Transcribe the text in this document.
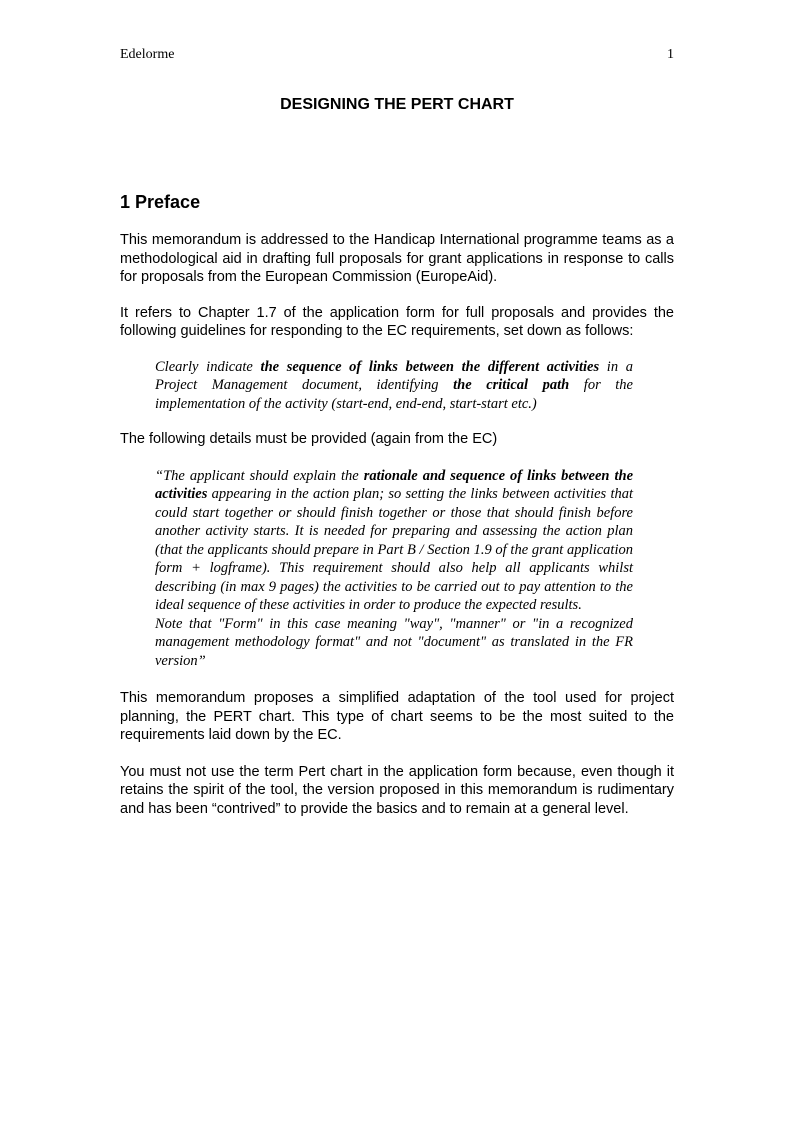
Edelorme	1
DESIGNING THE PERT CHART
1 Preface

This memorandum is addressed to the Handicap International programme teams as a methodological aid in drafting full proposals for grant applications in response to calls for proposals from the European Commission (EuropeAid).

It refers to Chapter 1.7 of the application form for full proposals and provides the following guidelines for responding to the EC requirements, set down as follows:

Clearly indicate the sequence of links between the different activities in a Project Management document, identifying the critical path for the implementation of the activity (start-end, end-end, start-start etc.)

The following details must be provided (again from the EC)

“The applicant should explain the rationale and sequence of links between the activities appearing in the action plan; so setting the links between activities that could start together or should finish together or those that should finish before another activity starts. It is needed for preparing and assessing the action plan (that the applicants should prepare in Part B / Section 1.9 of the grant application form + logframe). This requirement should also help all applicants whilst describing (in max 9 pages) the activities to be carried out to pay attention to the ideal sequence of these activities in order to produce the expected results.
Note that "Form" in this case meaning "way", "manner" or "in a recognized management methodology format" and not "document" as translated in the FR version”

This memorandum proposes a simplified adaptation of the tool used for project planning, the PERT chart. This type of chart seems to be the most suited to the requirements laid down by the EC.

You must not use the term Pert chart in the application form because, even though it retains the spirit of the tool, the version proposed in this memorandum is rudimentary and has been “contrived” to provide the basics and to remain at a general level.
